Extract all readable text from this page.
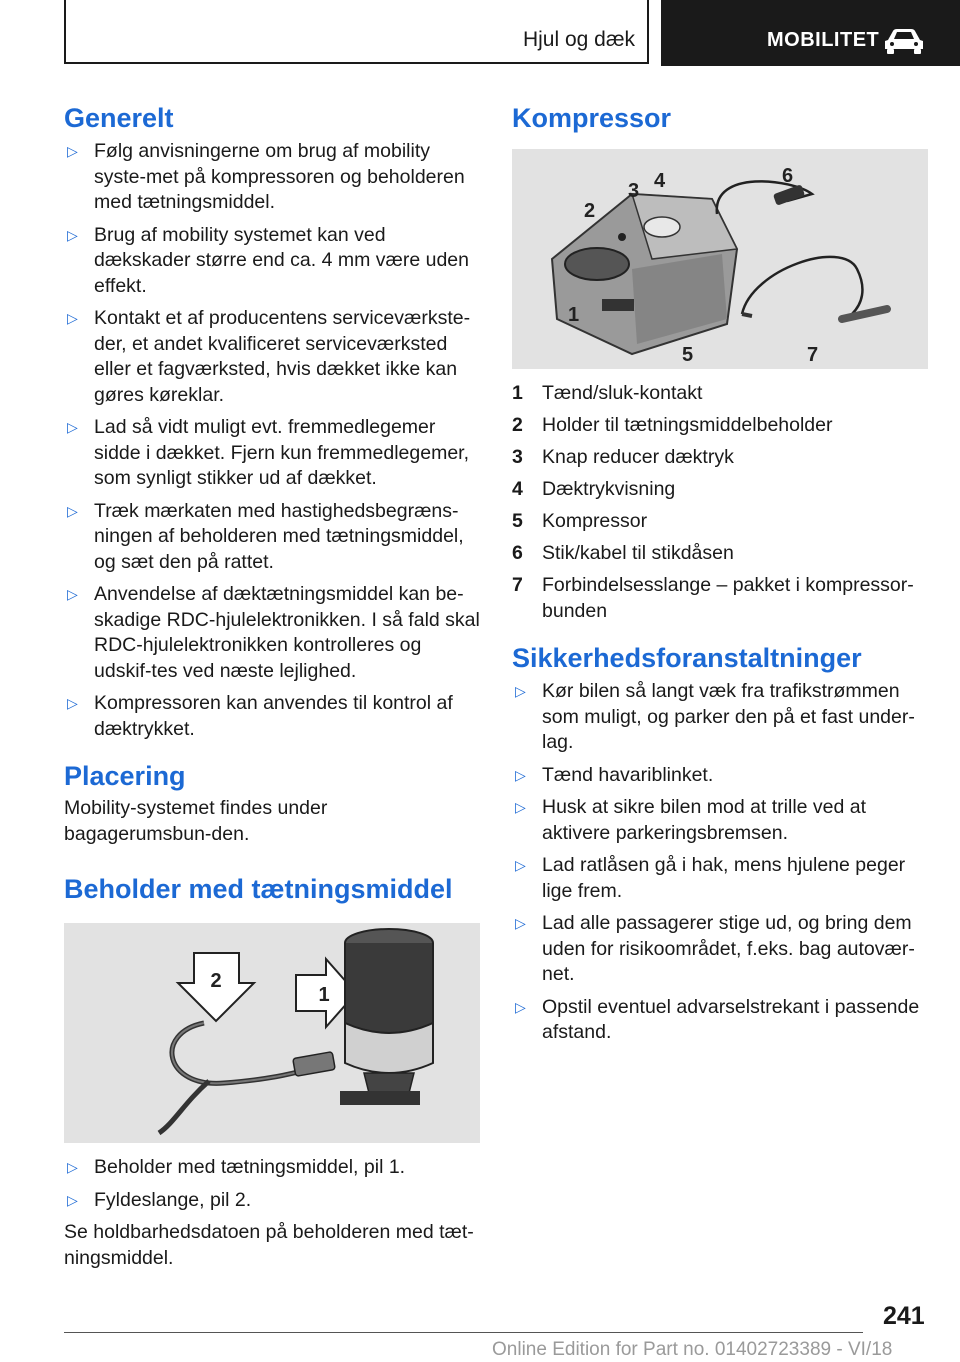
Hjul og dæk	MOBILITET
Generelt
▷ Følg anvisningerne om brug af mobility syste-met på kompressoren og beholderen med tætningsmiddel.
▷ Brug af mobility systemet kan ved dækskader større end ca. 4 mm være uden effekt.
▷ Kontakt et af producentens serviceværkste-der, et andet kvalificeret serviceværksted eller et fagværksted, hvis dækket ikke kan gøres køreklar.
▷ Lad så vidt muligt evt. fremmedlegemer sidde i dækket. Fjern kun fremmedlegemer, som synligt stikker ud af dækket.
▷ Træk mærkaten med hastighedsbegræns-ningen af beholderen med tætningsmiddel, og sæt den på rattet.
▷ Anvendelse af dæktætningsmiddel kan be-skadige RDC-hjulelektronikken. I så fald skal RDC-hjulelektronikken kontrolleres og udskif-tes ved næste lejlighed.
▷ Kompressoren kan anvendes til kontrol af dæktrykket.
Placering

Mobility-systemet findes under bagagerumsbun-den.

Beholder med tætningsmiddel
2
1
▷ Beholder med tætningsmiddel, pil 1.
▷ Fyldeslange, pil 2.

Se holdbarhedsdatoen på beholderen med tæt-ningsmiddel.

Kompressor
1
2
3 4
5
6
7
1 Tænd/sluk-kontakt
2 Holder til tætningsmiddelbeholder
3 Knap reducer dæktryk
4 Dæktrykvisning
5 Kompressor
6 Stik/kabel til stikdåsen
7 Forbindelsesslange – pakket i kompressor-bunden
Sikkerhedsforanstaltninger
▷ Kør bilen så langt væk fra trafikstrømmen som muligt, og parker den på et fast under-lag.
▷ Tænd havariblinket.
▷ Husk at sikre bilen mod at trille ved at aktivere parkeringsbremsen.
▷ Lad ratlåsen gå i hak, mens hjulene peger lige frem.
▷ Lad alle passagerer stige ud, og bring dem uden for risikoområdet, f.eks. bag autovær-net.
▷ Opstil eventuel advarselstrekant i passende afstand.
241
Online Edition for Part no. 01402723389 - VI/18
